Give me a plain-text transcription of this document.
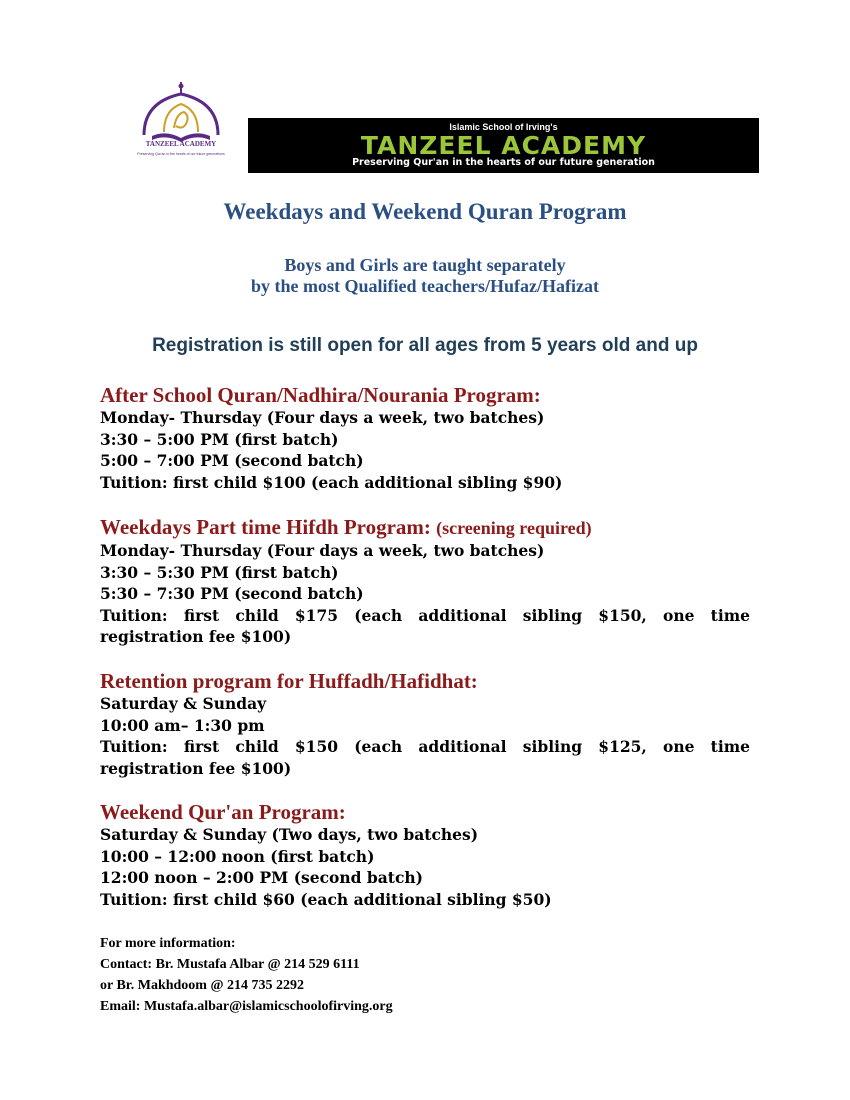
TANZEEL ACADEMY
Preserving Qur'an in the hearts of our future generations
Islamic School of Irving's
TANZEEL ACADEMY
Preserving Qur'an in the hearts of our future generation
Weekdays and Weekend Quran Program
Boys and Girls are taught separately
by the most Qualified teachers/Hufaz/Hafizat
Registration is still open for all ages from 5 years old and up
After School Quran/Nadhira/Nourania Program:
Monday- Thursday (Four days a week, two batches)
3:30 – 5:00 PM (first batch)
5:00 – 7:00 PM (second batch)
Tuition: first child $100 (each additional sibling $90)
Weekdays Part time Hifdh Program: (screening required)
Monday- Thursday (Four days a week, two batches)
3:30 – 5:30 PM (first batch)
5:30 – 7:30 PM (second batch)
Tuition: first child $175 (each additional sibling $150, one time registration fee $100)
Retention program for Huffadh/Hafidhat:
Saturday & Sunday
10:00 am– 1:30 pm
Tuition: first child $150 (each additional sibling $125, one time registration fee $100)
Weekend Qur'an Program:
Saturday & Sunday (Two days, two batches)
10:00 – 12:00 noon (first batch)
12:00 noon – 2:00 PM (second batch)
Tuition: first child $60 (each additional sibling $50)
For more information:
Contact: Br. Mustafa Albar @ 214 529 6111
or Br. Makhdoom @ 214 735 2292
Email: Mustafa.albar@islamicschoolofirving.org
